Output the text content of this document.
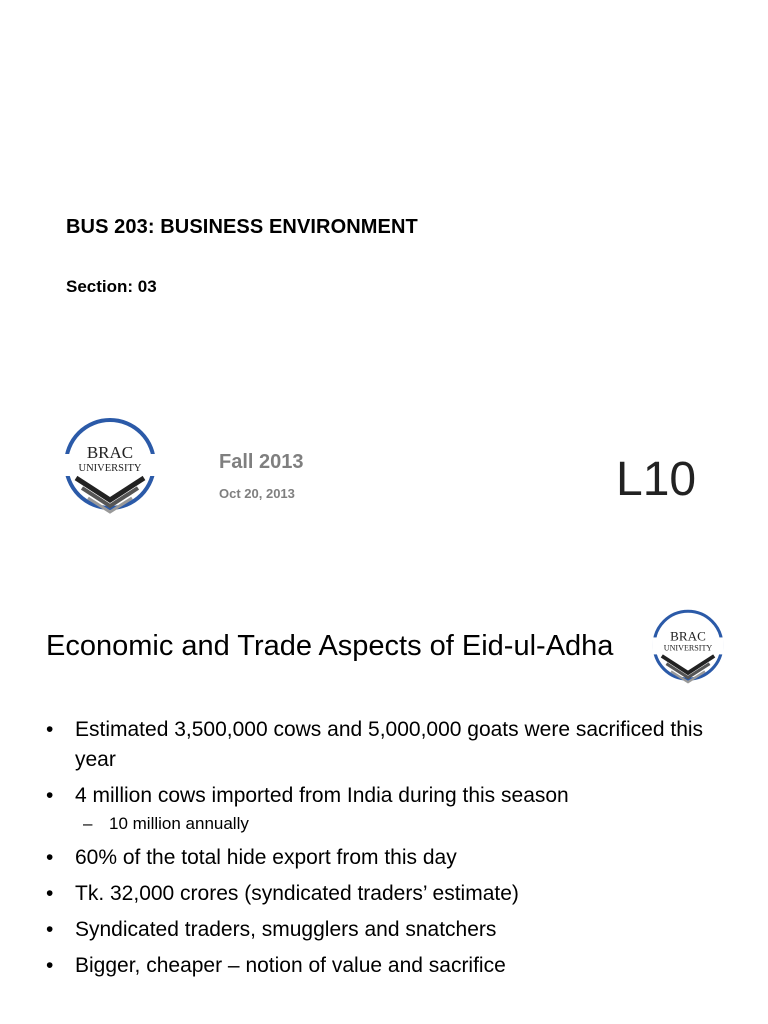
BUS 203: BUSINESS ENVIRONMENT
Section: 03
BRAC
UNIVERSITY	Fall 2013
Oct 20, 2013	L10
Economic and Trade Aspects of Eid-ul-Adha	BRAC
UNIVERSITY
• Estimated 3,500,000 cows and 5,000,000 goats were sacrificed this year
• 4 million cows imported from India during this season
– 10 million annually
• 60% of the total hide export from this day
• Tk. 32,000 crores (syndicated traders’ estimate)
• Syndicated traders, smugglers and snatchers
• Bigger, cheaper – notion of value and sacrifice
